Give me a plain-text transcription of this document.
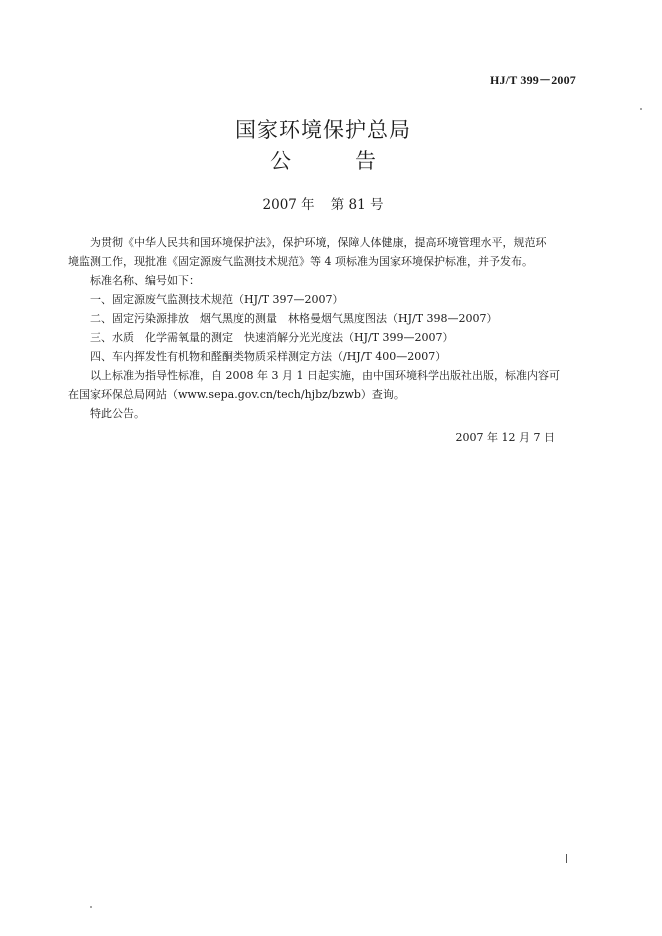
HJ/T 399－2007
国家环境保护总局
公	告
2007 年 第 81 号

为贯彻《中华人民共和国环境保护法》，保护环境，保障人体健康，提高环境管理水平，规范环

境监测工作，现批准《固定源废气监测技术规范》等 4 项标准为国家环境保护标准，并予发布。

标准名称、编号如下：

一、固定源废气监测技术规范（HJ/T 397—2007）

二、固定污染源排放　烟气黑度的测量　林格曼烟气黑度图法（HJ/T 398—2007）

三、水质　化学需氧量的测定　快速消解分光光度法（HJ/T 399—2007）

四、车内挥发性有机物和醛酮类物质采样测定方法（/HJ/T 400—2007）

以上标准为指导性标准，自 2008 年 3 月 1 日起实施，由中国环境科学出版社出版，标准内容可

在国家环保总局网站（www.sepa.gov.cn/tech/hjbz/bzwb）查询。

特此公告。

2007 年 12 月 7 日
